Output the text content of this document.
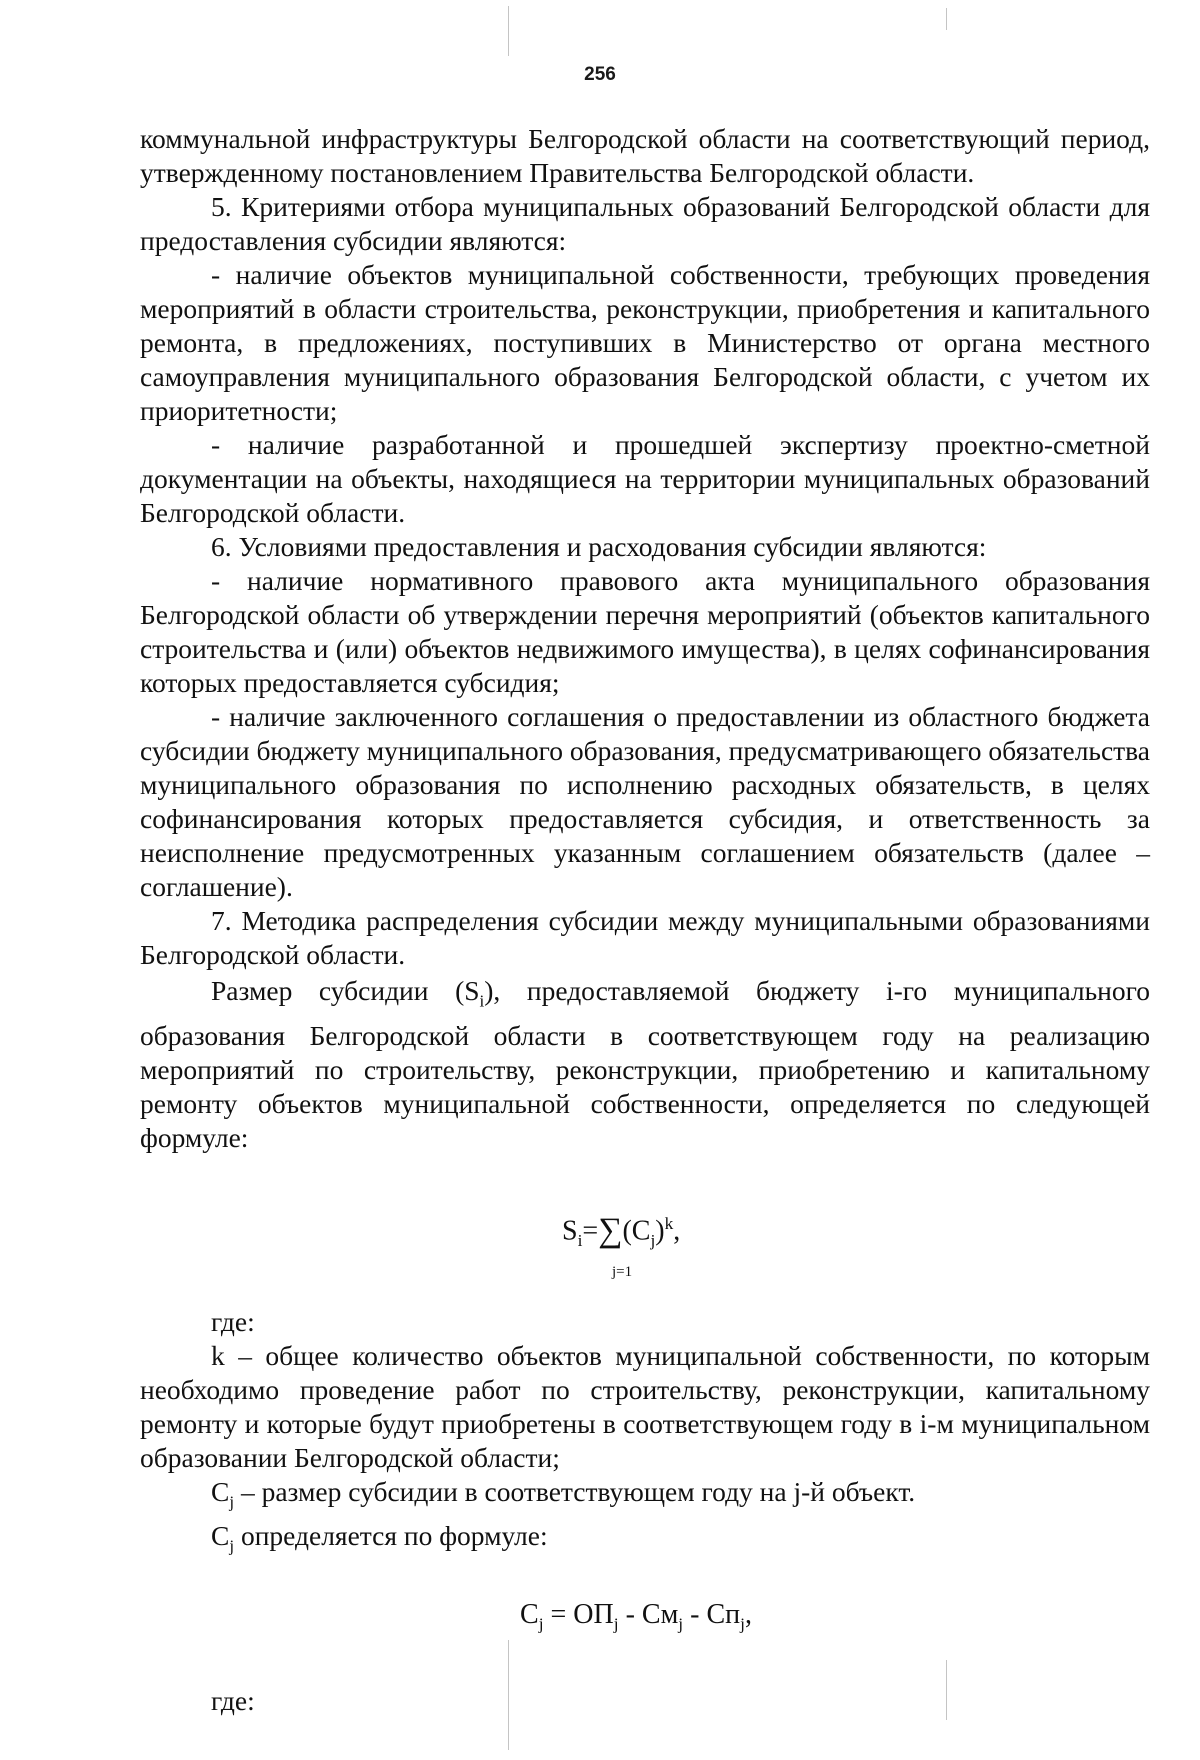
256

коммунальной инфраструктуры Белгородской области на соответствующий период, утвержденному постановлением Правительства Белгородской области.

5. Критериями отбора муниципальных образований Белгородской области для предоставления субсидии являются:

- наличие объектов муниципальной собственности, требующих проведения мероприятий в области строительства, реконструкции, приобретения и капитального ремонта, в предложениях, поступивших в Министерство от органа местного самоуправления муниципального образования Белгородской области, с учетом их приоритетности;

- наличие разработанной и прошедшей экспертизу проектно-сметной документации на объекты, находящиеся на территории муниципальных образований Белгородской области.

6. Условиями предоставления и расходования субсидии являются:

- наличие нормативного правового акта муниципального образования Белгородской области об утверждении перечня мероприятий (объектов капитального строительства и (или) объектов недвижимого имущества), в целях софинансирования которых предоставляется субсидия;

- наличие заключенного соглашения о предоставлении из областного бюджета субсидии бюджету муниципального образования, предусматривающего обязательства муниципального образования по исполнению расходных обязательств, в целях софинансирования которых предоставляется субсидия, и ответственность за неисполнение предусмотренных указанным соглашением обязательств (далее – соглашение).

7. Методика распределения субсидии между муниципальными образованиями Белгородской области.

Размер субсидии $(S_i)$, предоставляемой бюджету i-го муниципального образования Белгородской области в соответствующем году на реализацию мероприятий по строительству, реконструкции, приобретению и капитальному ремонту объектов муниципальной собственности, определяется по следующей формуле:

$S_i=\sum(C_j)^k$,
j=1

где:

k – общее количество объектов муниципальной собственности, по которым необходимо проведение работ по строительству, реконструкции, капитальному ремонту и которые будут приобретены в соответствующем году в i-м муниципальном образовании Белгородской области;

$C_j$ – размер субсидии в соответствующем году на j-й объект.

$C_j$ определяется по формуле:

$C_j = ОП_j - См_j - Сп_j$,

где:
